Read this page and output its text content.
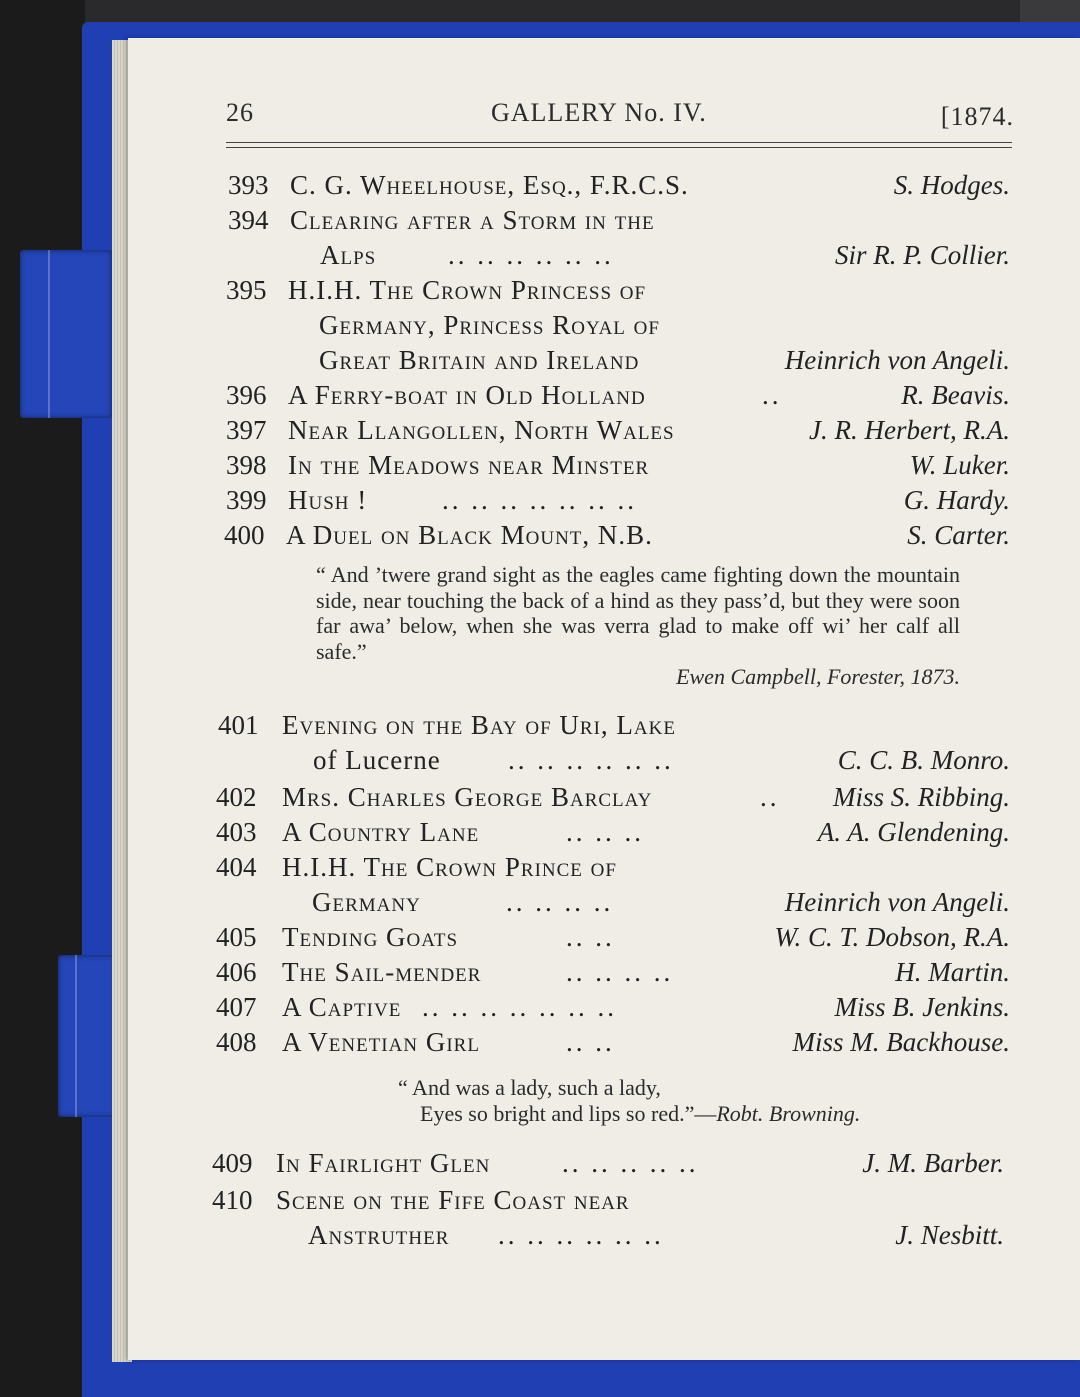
26	GALLERY No. IV.	[1874.
393 C. G. Wheelhouse, Esq., F.R.C.S.	S. Hodges.
394 Clearing after a Storm in the
Alps	.. .. .. .. .. ..	Sir R. P. Collier.
395 H.I.H. The Crown Princess of
Germany, Princess Royal of
Great Britain and Ireland	Heinrich von Angeli.
396 A Ferry-boat in Old Holland	..	R. Beavis.
397 Near Llangollen, North Wales	J. R. Herbert, R.A.
398 In the Meadows near Minster	W. Luker.
399 Hush !	.. .. .. .. .. .. ..	G. Hardy.
400 A Duel on Black Mount, N.B.	S. Carter.
“ And ’twere grand sight as the eagles came fighting down the mountain side, near touching the back of a hind as they pass’d, but they were soon far awa’ below, when she was verra glad to make off wi’ her calf all safe.”
Ewen Campbell, Forester, 1873.
401 Evening on the Bay of Uri, Lake
of Lucerne .. .. .. .. .. ..	C. C. B. Monro.
402 Mrs. Charles George Barclay	.. Miss S. Ribbing.
403 A Country Lane	.. .. ..	A. A. Glendening.
404 H.I.H. The Crown Prince of
Germany	.. .. .. ..	Heinrich von Angeli.
405 Tending Goats	.. ..	W. C. T. Dobson, R.A.
406 The Sail-mender	.. .. .. ..	H. Martin.
407 A Captive .. .. .. .. .. .. ..	Miss B. Jenkins.
408 A Venetian Girl	.. ..	Miss M. Backhouse.
“ And was a lady, such a lady,
Eyes so bright and lips so red.”—Robt. Browning.
409 In Fairlight Glen	.. .. .. .. ..	J. M. Barber.
410 Scene on the Fife Coast near
Anstruther .. .. .. .. .. ..	J. Nesbitt.
